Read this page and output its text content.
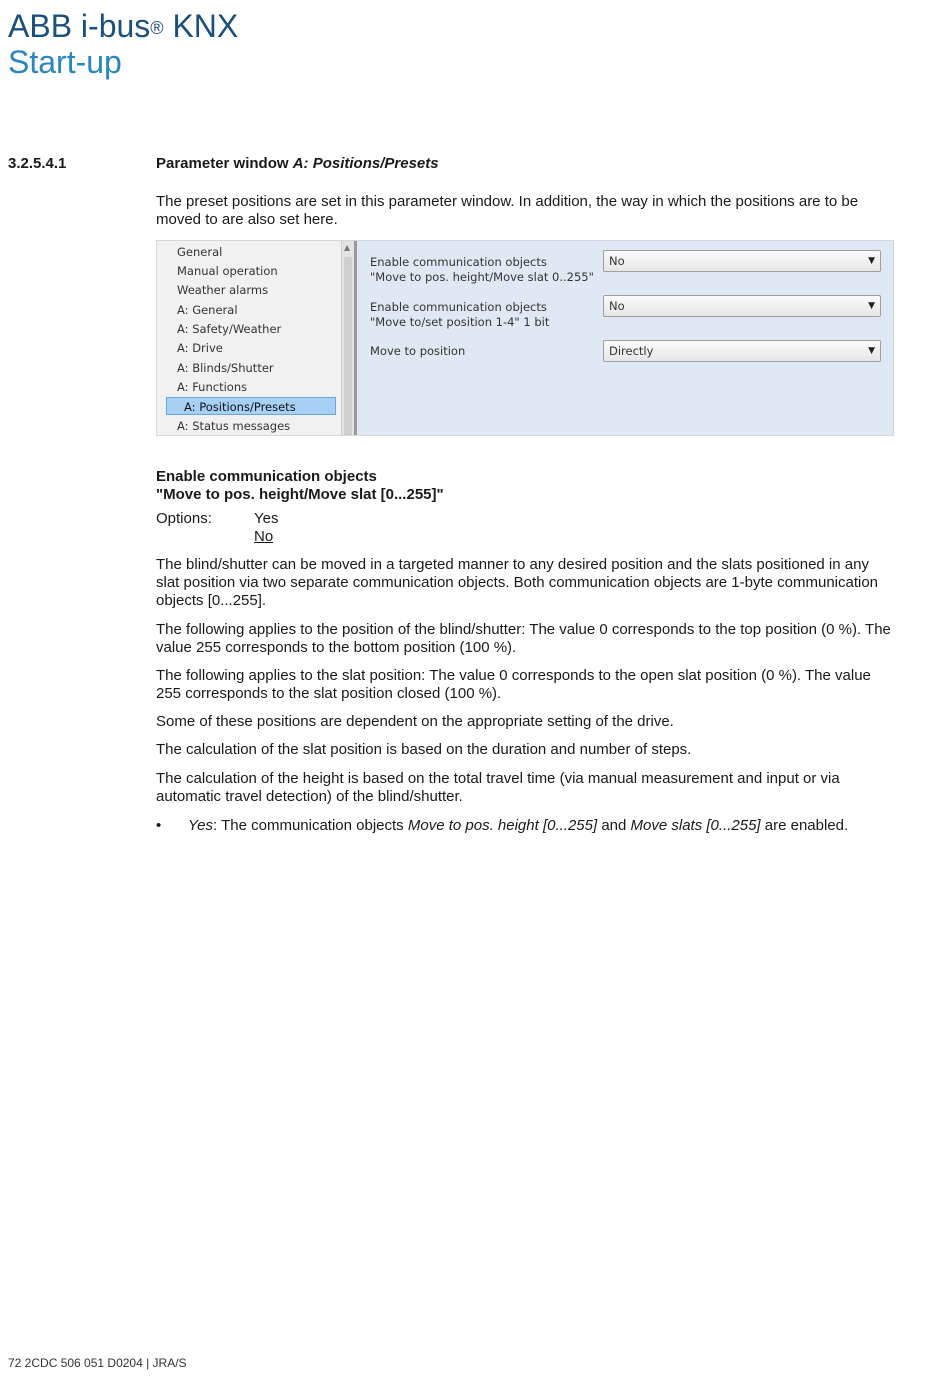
ABB i-bus® KNX
Start-up
3.2.5.4.1	Parameter window A: Positions/Presets
The preset positions are set in this parameter window. In addition, the way in which the positions are to be moved to are also set here.
General
Manual operation
Weather alarms
A: General
A: Safety/Weather
A: Drive
A: Blinds/Shutter
A: Functions
A: Positions/Presets
A: Status messages
▲
Enable communication objects
"Move to pos. height/Move slat 0..255"
No	▼
Enable communication objects
"Move to/set position 1-4" 1 bit
No	▼
Move to position	Directly	▼
Enable communication objects
"Move to pos. height/Move slat [0...255]"
Options:	Yes
No
The blind/shutter can be moved in a targeted manner to any desired position and the slats positioned in any slat position via two separate communication objects. Both communication objects are 1-byte communication objects [0...255].
The following applies to the position of the blind/shutter: The value 0 corresponds to the top position (0 %). The value 255 corresponds to the bottom position (100 %).
The following applies to the slat position: The value 0 corresponds to the open slat position (0 %). The value 255 corresponds to the slat position closed (100 %).
Some of these positions are dependent on the appropriate setting of the drive.
The calculation of the slat position is based on the duration and number of steps.
The calculation of the height is based on the total travel time (via manual measurement and input or via automatic travel detection) of the blind/shutter.
• Yes: The communication objects Move to pos. height [0...255] and Move slats [0...255] are enabled.
72 2CDC 506 051 D0204 | JRA/S
